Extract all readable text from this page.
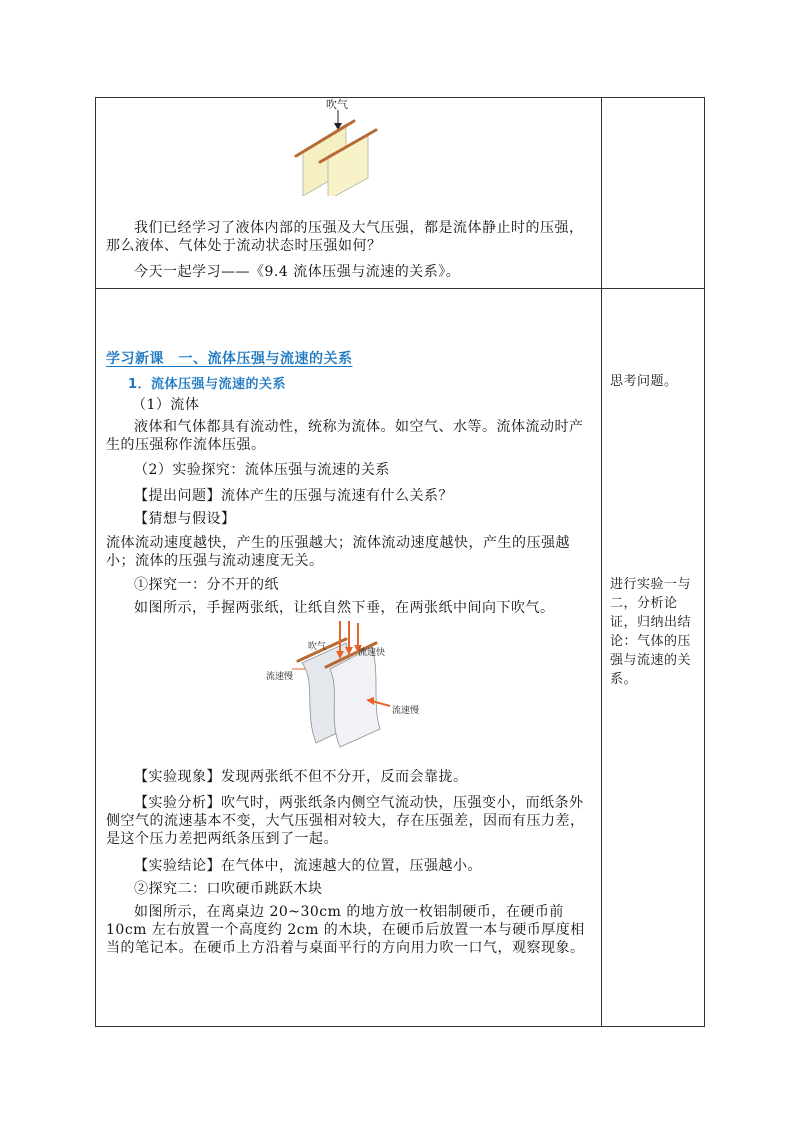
吹气
我们已经学习了液体内部的压强及大气压强，都是流体静止时的压强，那么液体、气体处于流动状态时压强如何？
今天一起学习——《9.4 流体压强与流速的关系》。
学习新课　一、流体压强与流速的关系
1．流体压强与流速的关系
（1）流体
液体和气体都具有流动性，统称为流体。如空气、水等。流体流动时产生的压强称作流体压强。
（2）实验探究：流体压强与流速的关系
【提出问题】流体产生的压强与流速有什么关系？
【猜想与假设】
流体流动速度越快，产生的压强越大；流体流动速度越快，产生的压强越小；流体的压强与流动速度无关。
①探究一：分不开的纸
如图所示，手握两张纸，让纸自然下垂，在两张纸中间向下吹气。
吹气
流速快
流速慢
流速慢
【实验现象】发现两张纸不但不分开，反而会靠拢。
【实验分析】吹气时，两张纸条内侧空气流动快，压强变小，而纸条外侧空气的流速基本不变，大气压强相对较大，存在压强差，因而有压力差，是这个压力差把两纸条压到了一起。
【实验结论】在气体中，流速越大的位置，压强越小。
②探究二：口吹硬币跳跃木块
如图所示，在离桌边 20~30cm 的地方放一枚铝制硬币，在硬币前 10cm 左右放置一个高度约 2cm 的木块，在硬币后放置一本与硬币厚度相当的笔记本。在硬币上方沿着与桌面平行的方向用力吹一口气，观察现象。
思考问题。
进行实验一与二，分析论证，归纳出结论：气体的压强与流速的关系。
